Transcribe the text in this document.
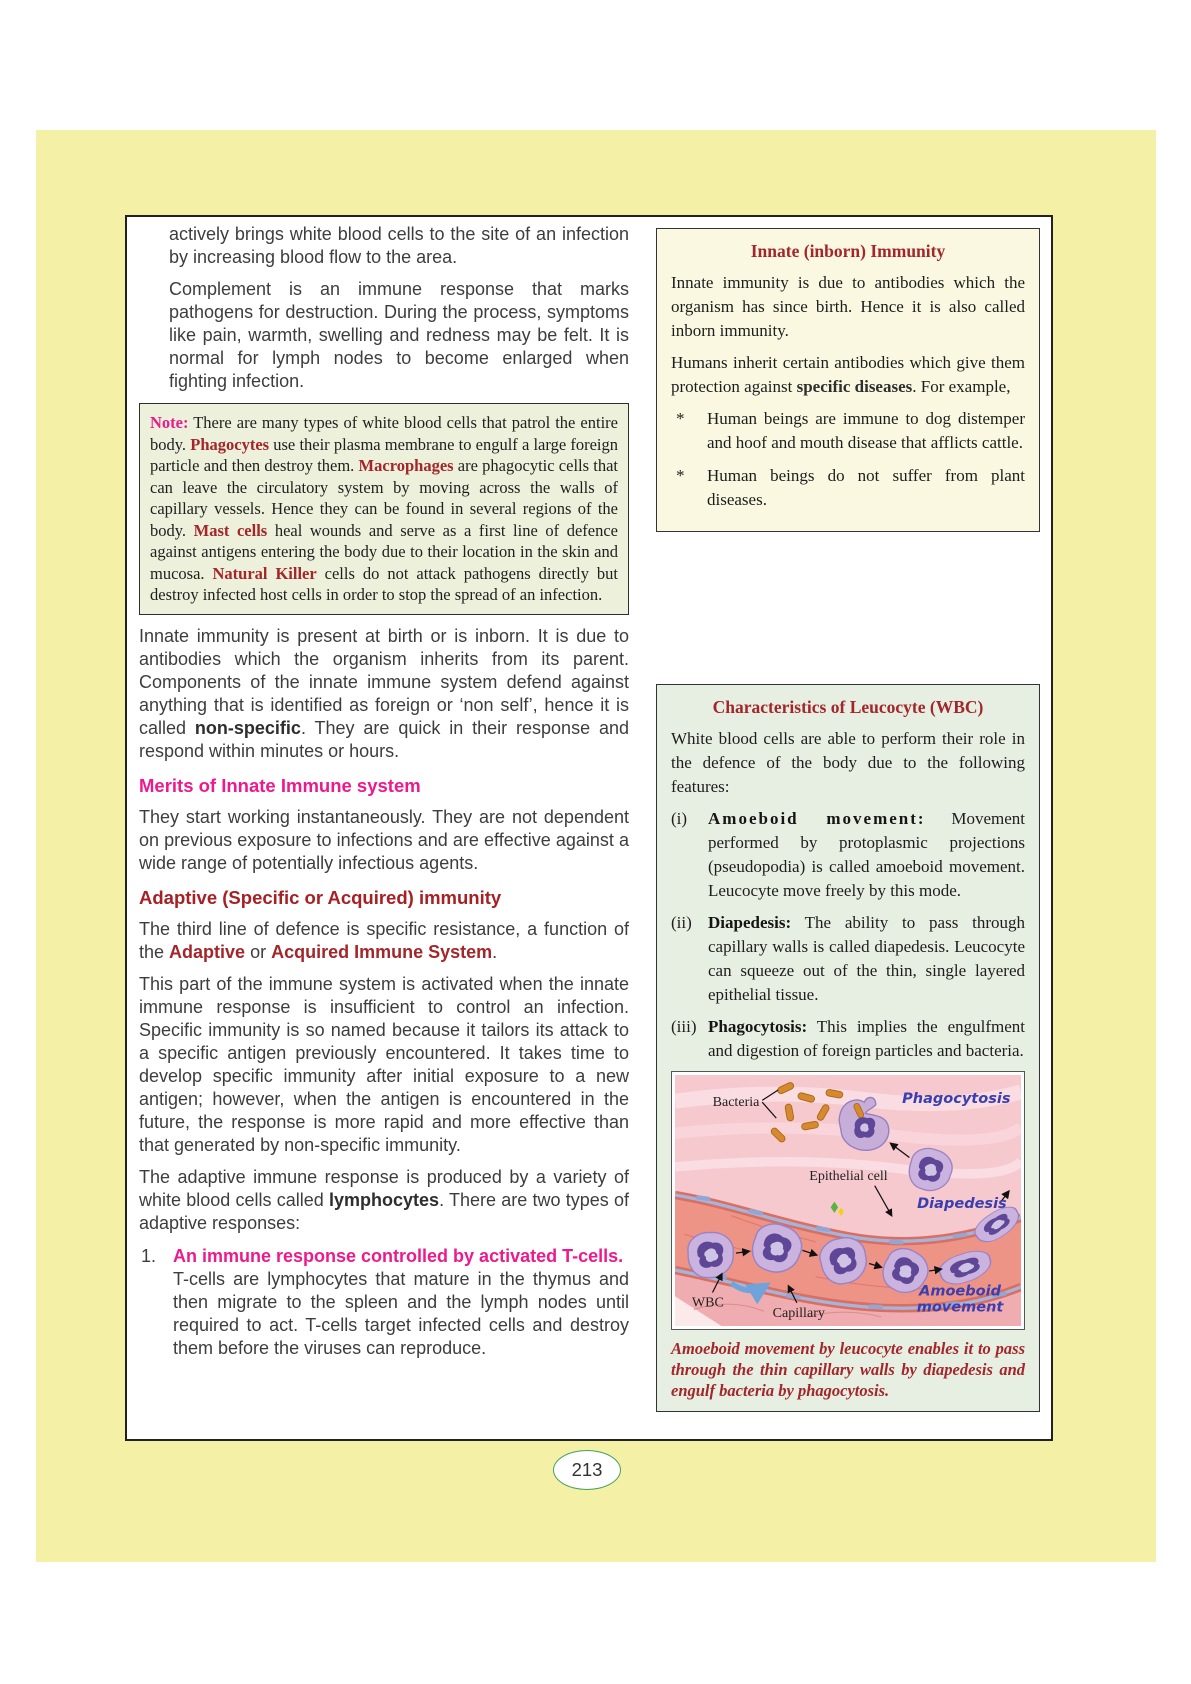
actively brings white blood cells to the site of an infection by increasing blood flow to the area.

Complement is an immune response that marks pathogens for destruction. During the process, symptoms like pain, warmth, swelling and redness may be felt. It is normal for lymph nodes to become enlarged when fighting infection.

Note: There are many types of white blood cells that patrol the entire body. Phagocytes use their plasma membrane to engulf a large foreign particle and then destroy them. Macrophages are phagocytic cells that can leave the circulatory system by moving across the walls of capillary vessels. Hence they can be found in several regions of the body. Mast cells heal wounds and serve as a first line of defence against antigens entering the body due to their location in the skin and mucosa. Natural Killer cells do not attack pathogens directly but destroy infected host cells in order to stop the spread of an infection.

Innate immunity is present at birth or is inborn. It is due to antibodies which the organism inherits from its parent. Components of the innate immune system defend against anything that is identified as foreign or ‘non self’, hence it is called non-specific. They are quick in their response and respond within minutes or hours.

Merits of Innate Immune system

They start working instantaneously. They are not dependent on previous exposure to infections and are effective against a wide range of potentially infectious agents.

Adaptive (Specific or Acquired) immunity

The third line of defence is specific resistance, a function of the Adaptive or Acquired Immune System.

This part of the immune system is activated when the innate immune response is insufficient to control an infection. Specific immunity is so named because it tailors its attack to a specific antigen previously encountered. It takes time to develop specific immunity after initial exposure to a new antigen; however, when the antigen is encountered in the future, the response is more rapid and more effective than that generated by non-specific immunity.

The adaptive immune response is produced by a variety of white blood cells called lymphocytes. There are two types of adaptive responses:

1. An immune response controlled by activated T-cells.
T-cells are lymphocytes that mature in the thymus and then migrate to the spleen and the lymph nodes until required to act. T-cells target infected cells and destroy them before the viruses can reproduce.
Innate (inborn) Immunity

Innate immunity is due to antibodies which the organism has since birth. Hence it is also called inborn immunity.

Humans inherit certain antibodies which give them protection against specific diseases. For example,

* Human beings are immune to dog distemper and hoof and mouth disease that afflicts cattle.

* Human beings do not suffer from plant diseases.

Characteristics of Leucocyte (WBC)

White blood cells are able to perform their role in the defence of the body due to the following features:

(i) Amoeboid movement: Movement performed by protoplasmic projections (pseudopodia) is called amoeboid movement. Leucocyte move freely by this mode.

(ii) Diapedesis: The ability to pass through capillary walls is called diapedesis. Leucocyte can squeeze out of the thin, single layered epithelial tissue.

(iii) Phagocytosis: This implies the engulfment and digestion of foreign particles and bacteria.

Bacteria	Phagocytosis
Epithelial cell
Diapedesis
WBC
Capillary
Amoeboid
movement

Amoeboid movement by leucocyte enables it to pass through the thin capillary walls by diapedesis and engulf bacteria by phagocytosis.

213
